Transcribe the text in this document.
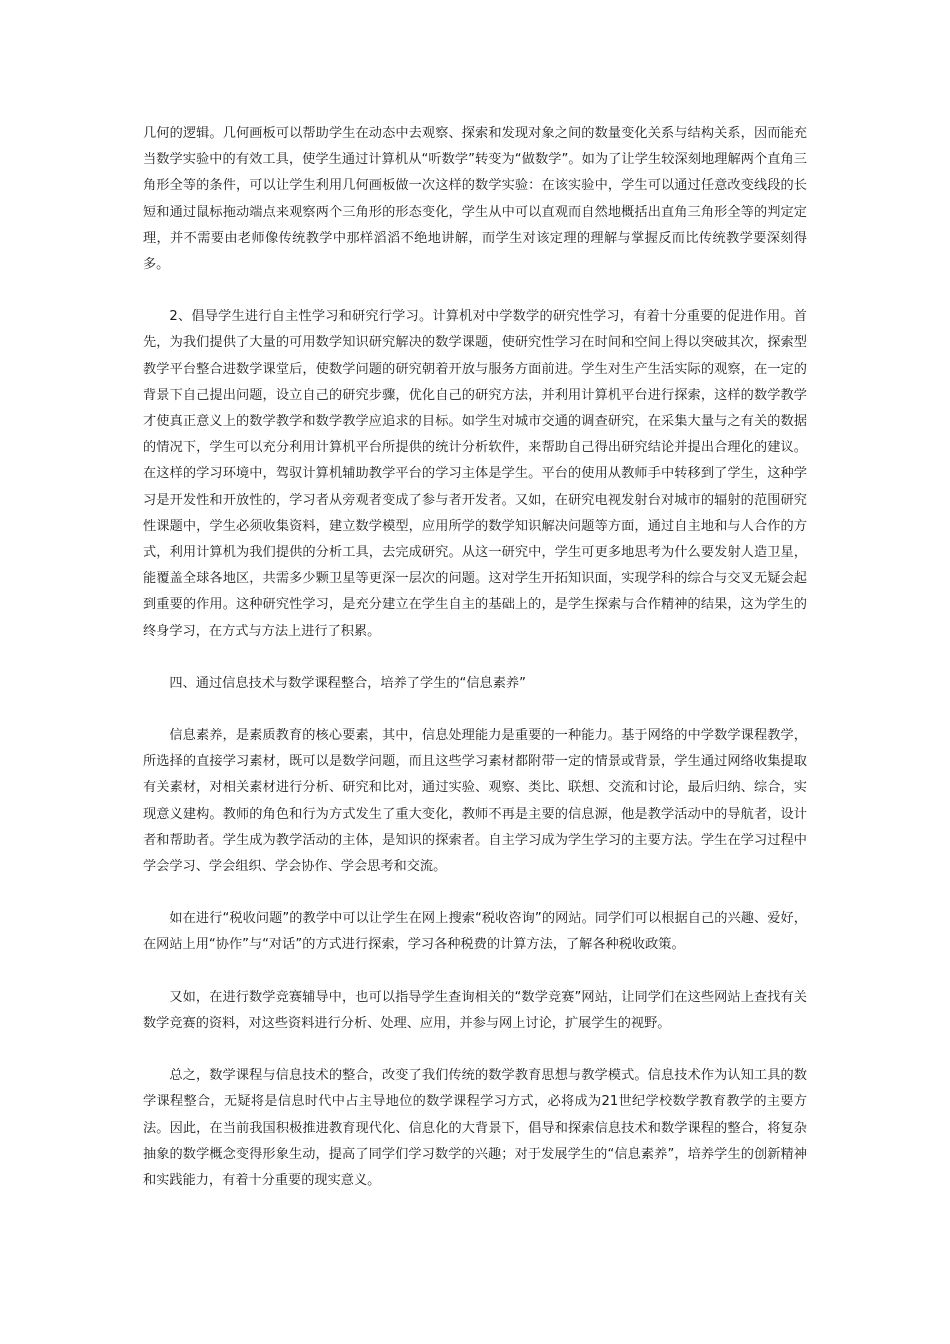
几何的逻辑。几何画板可以帮助学生在动态中去观察、探索和发现对象之间的数量变化关系与结构关系，因而能充当数学实验中的有效工具，使学生通过计算机从“听数学”转变为“做数学”。如为了让学生较深刻地理解两个直角三角形全等的条件，可以让学生利用几何画板做一次这样的数学实验：在该实验中，学生可以通过任意改变线段的长短和通过鼠标拖动端点来观察两个三角形的形态变化，学生从中可以直观而自然地概括出直角三角形全等的判定定理，并不需要由老师像传统教学中那样滔滔不绝地讲解，而学生对该定理的理解与掌握反而比传统教学要深刻得多。

2、倡导学生进行自主性学习和研究行学习。计算机对中学数学的研究性学习，有着十分重要的促进作用。首先，为我们提供了大量的可用数学知识研究解决的数学课题，使研究性学习在时间和空间上得以突破其次，探索型教学平台整合进数学课堂后，使数学问题的研究朝着开放与服务方面前进。学生对生产生活实际的观察，在一定的背景下自己提出问题，设立自己的研究步骤，优化自己的研究方法，并利用计算机平台进行探索，这样的数学教学才使真正意义上的数学教学和数学教学应追求的目标。如学生对城市交通的调查研究，在采集大量与之有关的数据的情况下，学生可以充分利用计算机平台所提供的统计分析软件，来帮助自己得出研究结论并提出合理化的建议。在这样的学习环境中，驾驭计算机辅助教学平台的学习主体是学生。平台的使用从教师手中转移到了学生，这种学习是开发性和开放性的，学习者从旁观者变成了参与者开发者。又如，在研究电视发射台对城市的辐射的范围研究性课题中，学生必须收集资料，建立数学模型，应用所学的数学知识解决问题等方面，通过自主地和与人合作的方式，利用计算机为我们提供的分析工具，去完成研究。从这一研究中，学生可更多地思考为什么要发射人造卫星，能覆盖全球各地区，共需多少颗卫星等更深一层次的问题。这对学生开拓知识面，实现学科的综合与交叉无疑会起到重要的作用。这种研究性学习，是充分建立在学生自主的基础上的，是学生探索与合作精神的结果，这为学生的终身学习，在方式与方法上进行了积累。

四、通过信息技术与数学课程整合，培养了学生的“信息素养”

信息素养，是素质教育的核心要素，其中，信息处理能力是重要的一种能力。基于网络的中学数学课程教学，所选择的直接学习素材，既可以是数学问题，而且这些学习素材都附带一定的情景或背景，学生通过网络收集提取有关素材，对相关素材进行分析、研究和比对，通过实验、观察、类比、联想、交流和讨论，最后归纳、综合，实现意义建构。教师的角色和行为方式发生了重大变化，教师不再是主要的信息源，他是教学活动中的导航者，设计者和帮助者。学生成为教学活动的主体，是知识的探索者。自主学习成为学生学习的主要方法。学生在学习过程中学会学习、学会组织、学会协作、学会思考和交流。

如在进行“税收问题”的教学中可以让学生在网上搜索“税收咨询”的网站。同学们可以根据自己的兴趣、爱好，在网站上用“协作”与“对话”的方式进行探索，学习各种税费的计算方法，了解各种税收政策。

又如，在进行数学竞赛辅导中，也可以指导学生查询相关的“数学竞赛”网站，让同学们在这些网站上查找有关数学竞赛的资料，对这些资料进行分析、处理、应用，并参与网上讨论，扩展学生的视野。

总之，数学课程与信息技术的整合，改变了我们传统的数学教育思想与教学模式。信息技术作为认知工具的数学课程整合，无疑将是信息时代中占主导地位的数学课程学习方式，必将成为21世纪学校数学教育教学的主要方法。因此，在当前我国积极推进教育现代化、信息化的大背景下，倡导和探索信息技术和数学课程的整合，将复杂抽象的数学概念变得形象生动，提高了同学们学习数学的兴趣；对于发展学生的“信息素养”，培养学生的创新精神和实践能力，有着十分重要的现实意义。
